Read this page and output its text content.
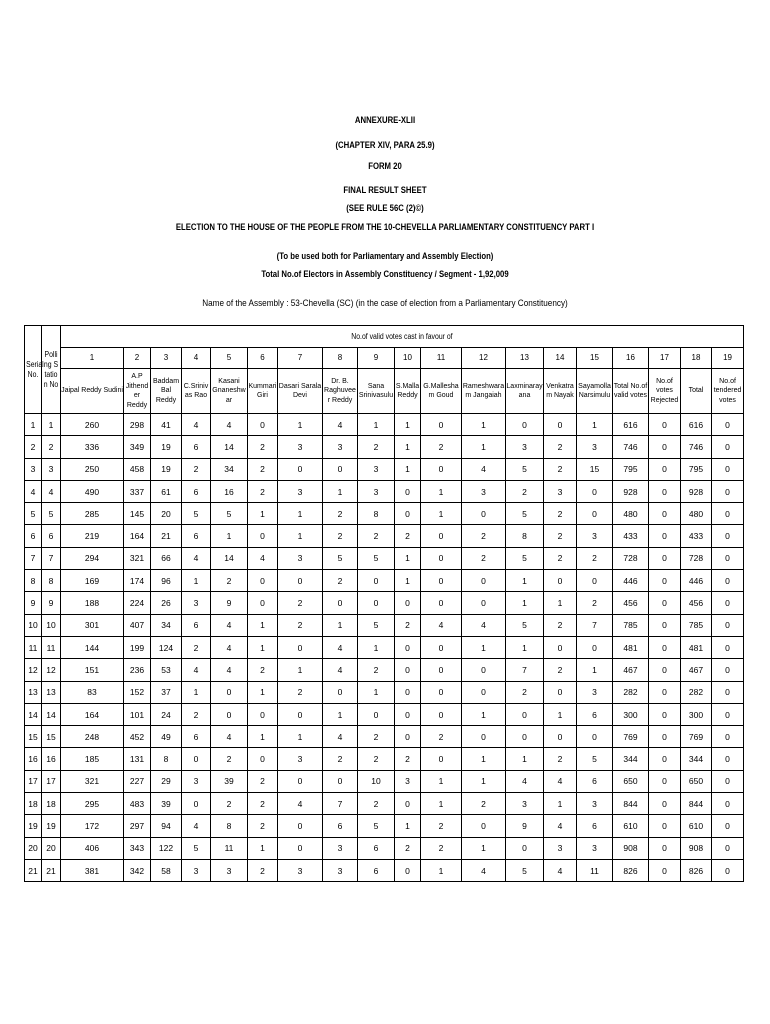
ANNEXURE-XLII
(CHAPTER XIV, PARA 25.9)
FORM 20
FINAL RESULT SHEET
(SEE RULE 56C (2)©)
ELECTION TO THE HOUSE OF THE PEOPLE FROM THE 10-CHEVELLA PARLIAMENTARY CONSTITUENCY PART I
(To be used both for Parliamentary and Assembly Election)
Total No.of Electors in Assembly Constituency / Segment - 1,92,009
Name of the Assembly : 53-Chevella (SC) (in the case of election from a Parliamentary Constituency)
Serial No.	Polling Station No	No.of valid votes cast in favour of																		
		1	2	3	4	5	6	7	8	9	10	11	12	13	14	15	16	17	18	19

		Jaipal Reddy Sudini	A.P Jithender Reddy	Baddam Bal Reddy	C.Srinivas Rao	Kasani Gnaneshwar	Kummari Giri	Dasari Sarala Devi	Dr. B. Raghuveer Reddy	Sana Srinivasulu	S.Malla Reddy	G.Mallesham Goud	Rameshwaram Jangaiah	Laxminarayana	Venkatram Nayak	Sayamolla Narsimulu	Total No.of valid votes	No.of votes Rejected	Total	No.of tendered votes

1	1	260	298	41	4	4	0	1	4	1	1	0	1	0	0	1	616	0	616	0
2	2	336	349	19	6	14	2	3	3	2	1	2	1	3	2	3	746	0	746	0
3	3	250	458	19	2	34	2	0	0	3	1	0	4	5	2	15	795	0	795	0
4	4	490	337	61	6	16	2	3	1	3	0	1	3	2	3	0	928	0	928	0
5	5	285	145	20	5	5	1	1	2	8	0	1	0	5	2	0	480	0	480	0
6	6	219	164	21	6	1	0	1	2	2	2	0	2	8	2	3	433	0	433	0
7	7	294	321	66	4	14	4	3	5	5	1	0	2	5	2	2	728	0	728	0
8	8	169	174	96	1	2	0	0	2	0	1	0	0	1	0	0	446	0	446	0
9	9	188	224	26	3	9	0	2	0	0	0	0	0	1	1	2	456	0	456	0
10	10	301	407	34	6	4	1	2	1	5	2	4	4	5	2	7	785	0	785	0
11	11	144	199	124	2	4	1	0	4	1	0	0	1	1	0	0	481	0	481	0
12	12	151	236	53	4	4	2	1	4	2	0	0	0	7	2	1	467	0	467	0
13	13	83	152	37	1	0	1	2	0	1	0	0	0	2	0	3	282	0	282	0
14	14	164	101	24	2	0	0	0	1	0	0	0	1	0	1	6	300	0	300	0
15	15	248	452	49	6	4	1	1	4	2	0	2	0	0	0	0	769	0	769	0
16	16	185	131	8	0	2	0	3	2	2	2	0	1	1	2	5	344	0	344	0
17	17	321	227	29	3	39	2	0	0	10	3	1	1	4	4	6	650	0	650	0
18	18	295	483	39	0	2	2	4	7	2	0	1	2	3	1	3	844	0	844	0
19	19	172	297	94	4	8	2	0	6	5	1	2	0	9	4	6	610	0	610	0
20	20	406	343	122	5	11	1	0	3	6	2	2	1	0	3	3	908	0	908	0
21	21	381	342	58	3	3	2	3	3	6	0	1	4	5	4	11	826	0	826	0
